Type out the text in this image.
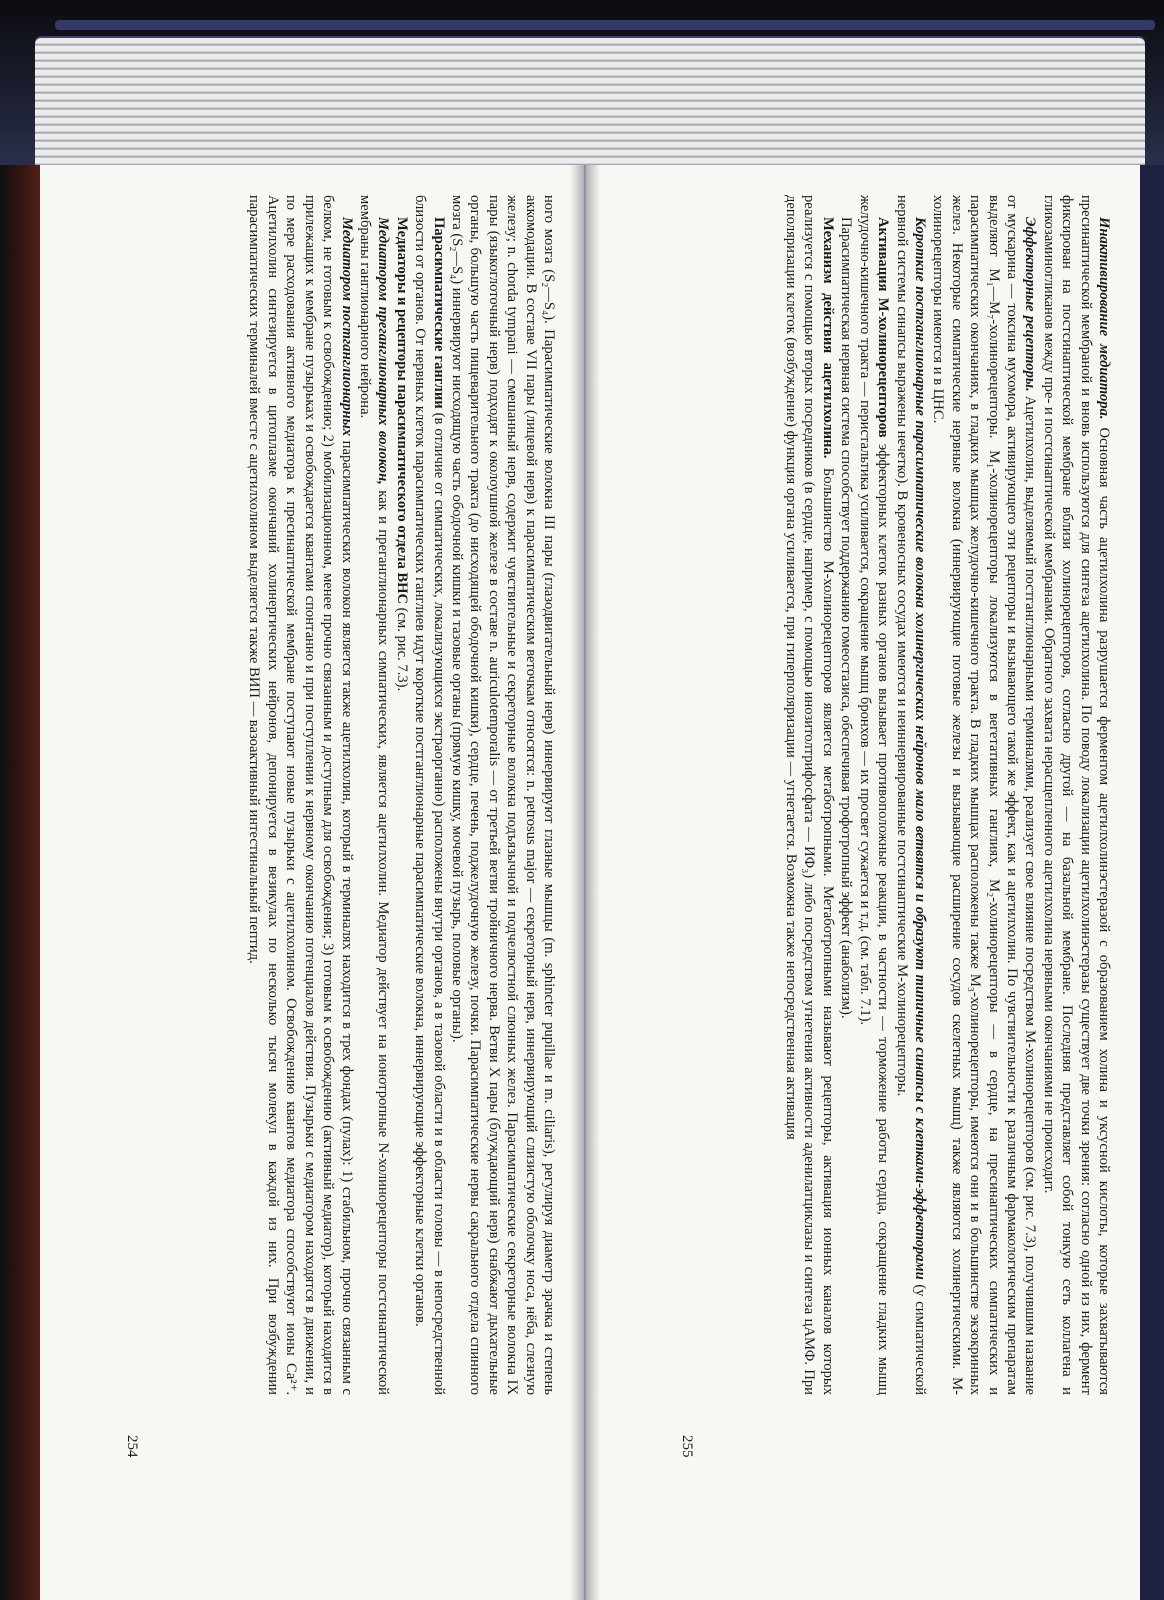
ного мозга (S₂—S₄). Парасимпатические волокна III пары (глазодвигательный нерв) иннервируют глазные мышцы (m. sphincter pupillae и m. ciliaris), регулируя диаметр зрачка и степень аккомодации. В составе VII пары (лицевой нерв) к парасимпатическим веточкам относятся: n. petrosus major — секреторный нерв, иннервирующий слизистую оболочку носа, нёба, слезную железу; n. chorda tympani — смешанный нерв, содержит чувствительные и секреторные волокна подъязычной и подчелюстной слюнных желез. Парасимпатические секреторные волокна IX пары (языкоглоточный нерв) подходят к околоушной железе в составе n. auriculotemporalis — от третьей ветви тройничного нерва. Ветви X пары (блуждающий нерв) снабжают дыхательные органы, большую часть пищеварительного тракта (до нисходящей ободочной кишки), сердце, печень, поджелудочную железу, почки. Парасимпатические нервы сакрального отдела спинного мозга (S₂—S₄) иннервируют нисходящую часть ободочной кишки и тазовые органы (прямую кишку, мочевой пузырь, половые органы).

Парасимпатические ганглии (в отличие от симпатических, локализующихся экстраорганно) расположены внутри органов, а в тазовой области и в области головы — в непосредственной близости от органов. От нервных клеток парасимпатических ганглиев идут короткие постганглионарные парасимпатические волокна, иннервирующие эффекторные клетки органов.

Медиаторы и рецепторы парасимпатического отдела ВНС (см. рис. 7.3).

Медиатором преганглионарных волокон, как и преганглионарных симпатических, является ацетилхолин. Медиатор действует на ионотропные N-холинорецепторы постсинаптической мембраны ганглионарного нейрона.

Медиатором постганглионарных парасимпатических волокон является также ацетилхолин, который в терминалях находится в трех фондах (пулах): 1) стабильном, прочно связанным с белком, не готовым к освобождению; 2) мобилизационном, менее прочно связанным и доступным для освобождения; 3) готовым к освобождению (активный медиатор), который находится в прилежащих к мембране пузырьках и освобождается квантами спонтанно и при поступлении к нервному окончанию потенциалов действия. Пузырьки с медиатором находятся в движении, и по мере расходования активного медиатора к пресинаптической мембране поступают новые пузырьки с ацетилхолином. Освобождению квантов медиатора способствуют ионы Ca²⁺. Ацетилхолин синтезируется в цитоплазме окончаний холинергических нейронов, депонируется в везикулах по несколько тысяч молекул в каждой из них. При возбуждении парасимпатических терминалей вместе с ацетилхолином выделяется также ВИП — вазоактивный интестинальный пептид.

254

Инактивирование медиатора. Основная часть ацетилхолина разрушается ферментом ацетилхолинэстеразой с образованием холина и уксусной кислоты, которые захватываются пресинаптической мембраной и вновь используются для синтеза ацетилхолина. По поводу локализации ацетилхолинэстеразы существует две точки зрения: согласно одной из них, фермент фиксирован на постсинаптической мембране вблизи холинорецепторов, согласно другой — на базальной мембране. Последняя представляет собой тонкую сеть коллагена и гликозаминогликанов между пре- и постсинаптической мембранами. Обратного захвата нерасщепленного ацетилхолина нервными окончаниями не происходит.

Эффекторные рецепторы. Ацетилхолин, выделяемый постганглионарными терминалями, реализует свое влияние посредством M-холинорецепторов (см. рис. 7.3), получившим название от мускарина — токсина мухомора, активирующего эти рецепторы и вызывающего такой же эффект, как и ацетилхолин. По чувствительности к различным фармакологическим препаратам выделяют M₁—M₇-холинорецепторы. M₁-холинорецепторы локализуются в вегетативных ганглиях, M₂-холинорецепторы — в сердце, на пресинаптических симпатических и парасимпатических окончаниях, в гладких мышцах желудочно-кишечного тракта. В гладких мышцах расположены также M₃-холинорецепторы, имеются они и в большинстве экзокринных желез. Некоторые симпатические нервные волокна (иннервирующие потовые железы и вызывающие расширение сосудов скелетных мышц) также являются холинергическими. M-холинорецепторы имеются и в ЦНС.

Короткие постганглионарные парасимпатические волокна холинергических нейронов мало ветвятся и образуют типичные синапсы с клетками-эффекторами (у симпатической нервной системы синапсы выражены нечетко). В кровеносных сосудах имеются и неиннервированные постсинаптические M-холинорецепторы.

Активация M-холинорецепторов эффекторных клеток разных органов вызывает противоположные реакции, в частности — торможение работы сердца, сокращение гладких мышц желудочно-кишечного тракта — перистальтика усиливается, сокращение мышц бронхов — их просвет сужается и т.д. (см. табл. 7.1).

Парасимпатическая нервная система способствует поддержанию гомеостазиса, обеспечивая трофотропный эффект (анаболизм).

Механизм действия ацетилхолина. Большинство M-холинорецепторов является метаботропными. Метаботропными называют рецепторы, активация ионных каналов которых реализуется с помощью вторых посредников (в сердце, например, с помощью инозитолтрифосфата — ИФ₃) либо посредством угнетения активности аденилатциклазы и синтеза цАМФ. При деполяризации клеток (возбуждение) функция органа усиливается, при гиперполяризации — угнетается. Возможна также непосредственная активация

255
